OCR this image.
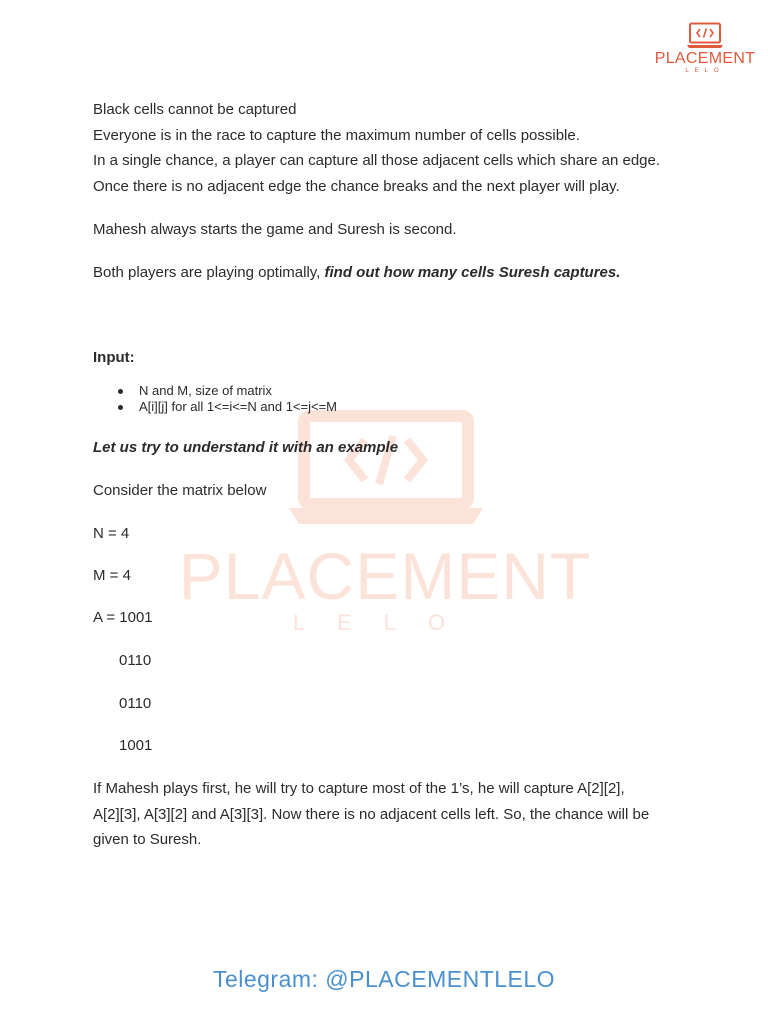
PLACEMENT
LELO
PLACEMENT
LELO
Black cells cannot be captured
Everyone is in the race to capture the maximum number of cells possible.
In a single chance, a player can capture all those adjacent cells which share an edge.
Once there is no adjacent edge the chance breaks and the next player will play.

Mahesh always starts the game and Suresh is second.

Both players are playing optimally, find out how many cells Suresh captures.

Input:

N and M, size of matrix
A[i][j] for all 1<=i<=N and 1<=j<=M

Let us try to understand it with an example

Consider the matrix below

N = 4

M = 4

A = 1001

0110

0110

1001

If Mahesh plays first, he will try to capture most of the 1’s, he will capture A[2][2],
A[2][3], A[3][2] and A[3][3]. Now there is no adjacent cells left. So, the chance will be
given to Suresh.
Telegram: @PLACEMENTLELO
